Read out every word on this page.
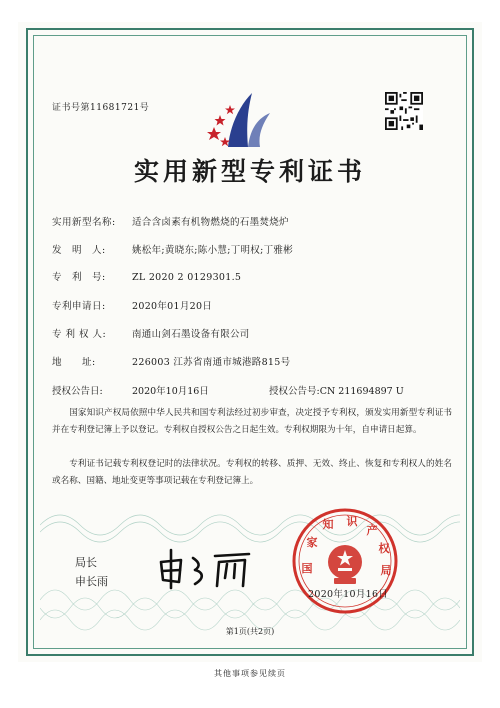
证书号第11681721号
实用新型专利证书
实用新型名称: 适合含卤素有机物燃烧的石墨焚烧炉
发　明　人:	姚松年;黄晓东;陈小慧;丁明权;丁雅彬
专　利　号:	ZL 2020 2 0129301.5
专利申请日:	2020年01月20日
专 利 权 人:	南通山剑石墨设备有限公司
地　　址:	226003 江苏省南通市城港路815号
授权公告日:	2020年10月16日	授权公告号:CN 211694897 U
国家知识产权局依照中华人民共和国专利法经过初步审查，决定授予专利权，颁发实用新型专利证书并在专利登记簿上予以登记。专利权自授权公告之日起生效。专利权期限为十年，自申请日起算。
专利证书记载专利权登记时的法律状况。专利权的转移、质押、无效、终止、恢复和专利权人的姓名或名称、国籍、地址变更等事项记载在专利登记簿上。
局长
申长雨
国
家
知 识
产
权
局
2020年10月16日
第1页(共2页)
其他事项参见续页
